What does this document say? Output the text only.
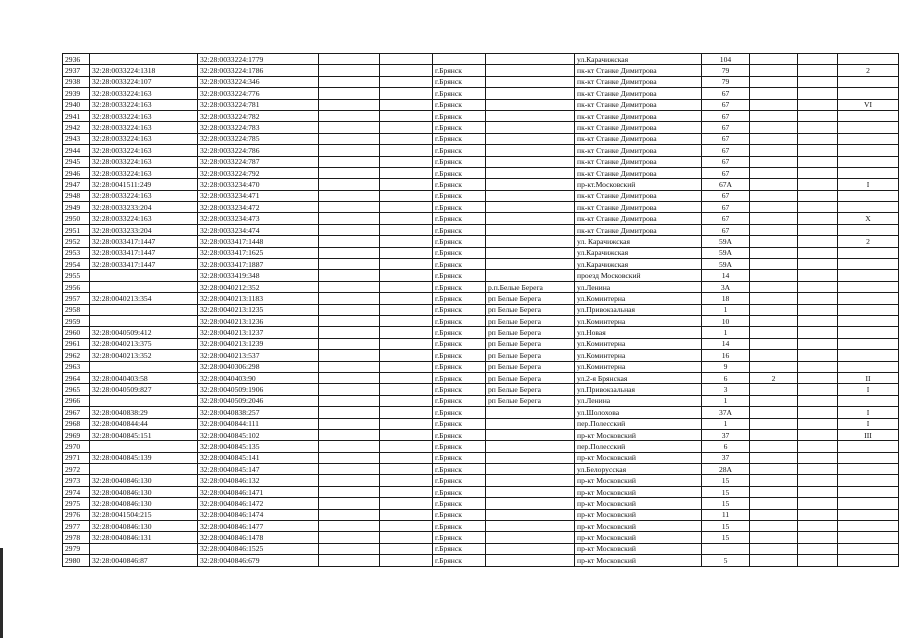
2936		32:28:0033224:1779					ул.Карачижская	104			
2937	32:28:0033224:1318	32:28:0033224:1786			г.Брянск		пк-кт Станке Димитрова	79			2
2938	32:28:0033224:107	32:28:0033224:346			г.Брянск		пк-кт Станке Димитрова	79			
2939	32:28:0033224:163	32:28:0033224:776			г.Брянск		пк-кт Станке Димитрова	67			
2940	32:28:0033224:163	32:28:0033224:781			г.Брянск		пк-кт Станке Димитрова	67			VI
2941	32:28:0033224:163	32:28:0033224:782			г.Брянск		пк-кт Станке Димитрова	67			
2942	32:28:0033224:163	32:28:0033224:783			г.Брянск		пк-кт Станке Димитрова	67			
2943	32:28:0033224:163	32:28:0033224:785			г.Брянск		пк-кт Станке Димитрова	67			
2944	32:28:0033224:163	32:28:0033224:786			г.Брянск		пк-кт Станке Димитрова	67			
2945	32:28:0033224:163	32:28:0033224:787			г.Брянск		пк-кт Станке Димитрова	67			
2946	32:28:0033224:163	32:28:0033224:792			г.Брянск		пк-кт Станке Димитрова	67			
2947	32:28:0041511:249	32:28:0033234:470			г.Брянск		пр-кт.Московский	67А			I
2948	32:28:0033224:163	32:28:0033234:471			г.Брянск		пк-кт Станке Димитрова	67			
2949	32:28:0033233:204	32:28:0033234:472			г.Брянск		пк-кт Станке Димитрова	67			
2950	32:28:0033224:163	32:28:0033234:473			г.Брянск		пк-кт Станке Димитрова	67			X
2951	32:28:0033233:204	32:28:0033234:474			г.Брянск		пк-кт Станке Димитрова	67			
2952	32:28:0033417:1447	32:28:0033417:1448			г.Брянск		ул. Карачижская	59А			2
2953	32:28:0033417:1447	32:28:0033417:1625			г.Брянск		ул.Карачижская	59А			
2954	32:28:0033417:1447	32:28:0033417:1887			г.Брянск		ул.Карачижская	59А			
2955		32:28:0033419:348			г.Брянск		проезд Московский	14			
2956		32:28:0040212:352			г.Брянск	р.п.Белые Берега	ул.Ленина	3А			
2957	32:28:0040213:354	32:28:0040213:1183			г.Брянск	рп Белые Берега	ул.Коминтерна	18			
2958		32:28:0040213:1235			г.Брянск	рп Белые Берега	ул.Привокзальная	1			
2959		32:28:0040213:1236			г.Брянск	рп Белые Берега	ул.Коминтерна	10			
2960	32:28:0040509:412	32:28:0040213:1237			г.Брянск	рп Белые Берега	ул.Новая	1			
2961	32:28:0040213:375	32:28:0040213:1239			г.Брянск	рп Белые Берега	ул.Коминтерна	14			
2962	32:28:0040213:352	32:28:0040213:537			г.Брянск	рп Белые Берега	ул.Коминтерна	16			
2963		32:28:0040306:298			г.Брянск	рп Белые Берега	ул.Коминтерна	9			
2964	32:28:0040403:58	32:28:0040403:90			г.Брянск	рп Белые Берега	ул.2-я Брянская	6	2		II
2965	32:28:0040509:827	32:28:0040509:1906			г.Брянск	рп Белые Берега	ул.Привокзальная	3			I
2966		32:28:0040509:2046			г.Брянск	рп Белые Берега	ул.Ленина	1			
2967	32:28:0040838:29	32:28:0040838:257			г.Брянск		ул.Шолохова	37А			I
2968	32:28:0040844:44	32:28:0040844:111			г.Брянск		пер.Полесский	1			I
2969	32:28:0040845:151	32:28:0040845:102			г.Брянск		пр-кт Московский	37			III
2970		32:28:0040845:135			г.Брянск		пер.Полесский	6			
2971	32:28:0040845:139	32:28:0040845:141			г.Брянск		пр-кт Московский	37			
2972		32:28:0040845:147			г.Брянск		ул.Белорусская	28А			
2973	32:28:0040846:130	32:28:0040846:132			г.Брянск		пр-кт Московский	15			
2974	32:28:0040846:130	32:28:0040846:1471			г.Брянск		пр-кт Московский	15			
2975	32:28:0040846:130	32:28:0040846:1472			г.Брянск		пр-кт Московский	15			
2976	32:28:0041504:215	32:28:0040846:1474			г.Брянск		пр-кт Московский	11			
2977	32:28:0040846:130	32:28:0040846:1477			г.Брянск		пр-кт Московский	15			
2978	32:28:0040846:131	32:28:0040846:1478			г.Брянск		пр-кт Московский	15			
2979		32:28:0040846:1525			г.Брянск		пр-кт Московский				
2980	32:28:0040846:87	32:28:0040846:679			г.Брянск		пр-кт Московский	5			
